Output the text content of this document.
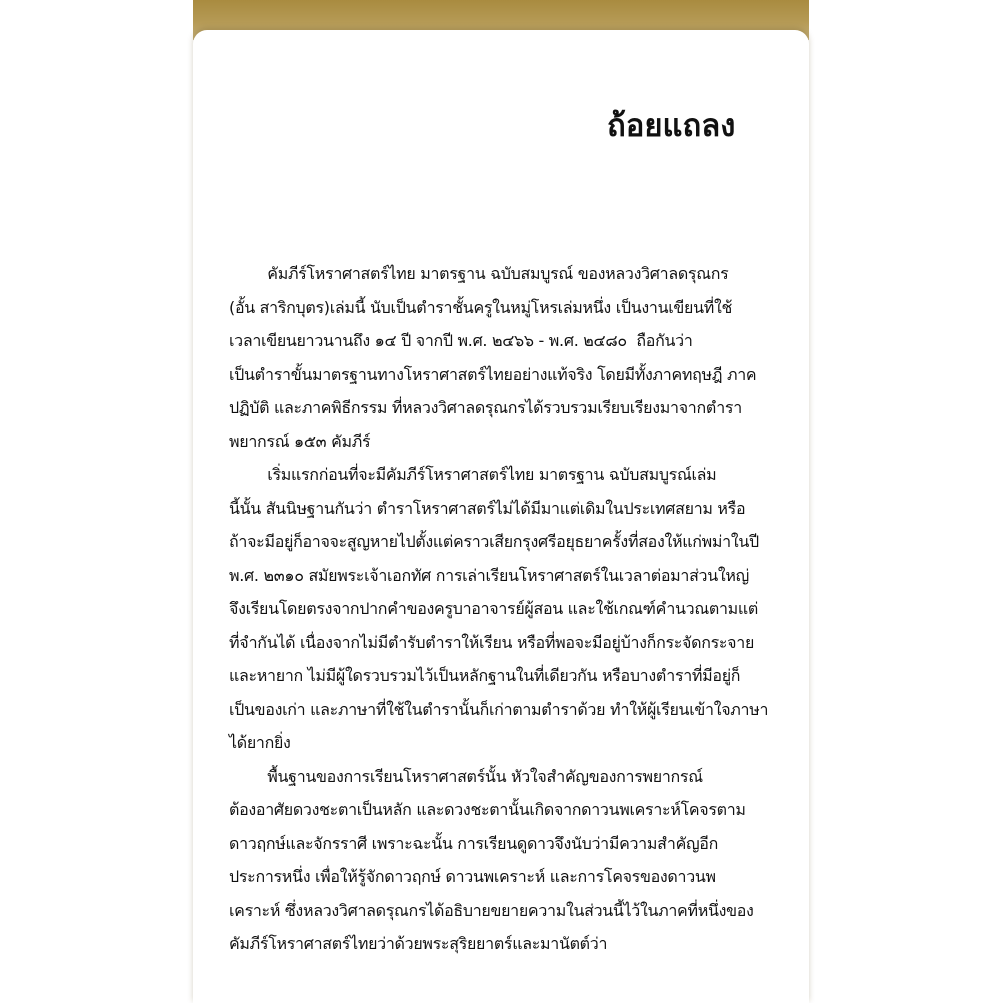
ถ้อยแถลง
คัมภีร์โหราศาสตร์ไทย มาตรฐาน ฉบับสมบูรณ์ ของหลวงวิศาลดรุณกร
(อั้น สาริกบุตร)เล่มนี้ นับเป็นตำราชั้นครูในหมู่โหรเล่มหนึ่ง เป็นงานเขียนที่ใช้
เวลาเขียนยาวนานถึง ๑๔ ปี จากปี พ.ศ. ๒๔๖๖ - พ.ศ. ๒๔๘๐  ถือกันว่า
เป็นตำราขั้นมาตรฐานทางโหราศาสตร์ไทยอย่างแท้จริง โดยมีทั้งภาคทฤษฎี ภาค
ปฏิบัติ และภาคพิธีกรรม ที่หลวงวิศาลดรุณกรได้รวบรวมเรียบเรียงมาจากตำรา
พยากรณ์ ๑๕๓ คัมภีร์
เริ่มแรกก่อนที่จะมีคัมภีร์โหราศาสตร์ไทย มาตรฐาน ฉบับสมบูรณ์เล่ม
นี้นั้น สันนิษฐานกันว่า ตำราโหราศาสตร์ไม่ได้มีมาแต่เดิมในประเทศสยาม หรือ
ถ้าจะมีอยู่ก็อาจจะสูญหายไปตั้งแต่คราวเสียกรุงศรีอยุธยาครั้งที่สองให้แก่พม่าในปี
พ.ศ. ๒๓๑๐ สมัยพระเจ้าเอกทัศ การเล่าเรียนโหราศาสตร์ในเวลาต่อมาส่วนใหญ่
จึงเรียนโดยตรงจากปากคำของครูบาอาจารย์ผู้สอน และใช้เกณฑ์คำนวณตามแต่
ที่จำกันได้ เนื่องจากไม่มีตำรับตำราให้เรียน หรือที่พอจะมีอยู่บ้างก็กระจัดกระจาย
และหายาก ไม่มีผู้ใดรวบรวมไว้เป็นหลักฐานในที่เดียวกัน หรือบางตำราที่มีอยู่ก็
เป็นของเก่า และภาษาที่ใช้ในตำรานั้นก็เก่าตามตำราด้วย ทำให้ผู้เรียนเข้าใจภาษา
ได้ยากยิ่ง
พื้นฐานของการเรียนโหราศาสตร์นั้น หัวใจสำคัญของการพยากรณ์
ต้องอาศัยดวงชะตาเป็นหลัก และดวงชะตานั้นเกิดจากดาวนพเคราะห์โคจรตาม
ดาวฤกษ์และจักรราศี เพราะฉะนั้น การเรียนดูดาวจึงนับว่ามีความสำคัญอีก
ประการหนึ่ง เพื่อให้รู้จักดาวฤกษ์ ดาวนพเคราะห์ และการโคจรของดาวนพ
เคราะห์ ซึ่งหลวงวิศาลดรุณกรได้อธิบายขยายความในส่วนนี้ไว้ในภาคที่หนึ่งของ
คัมภีร์โหราศาสตร์ไทยว่าด้วยพระสุริยยาตร์และมานัตต์ว่า
